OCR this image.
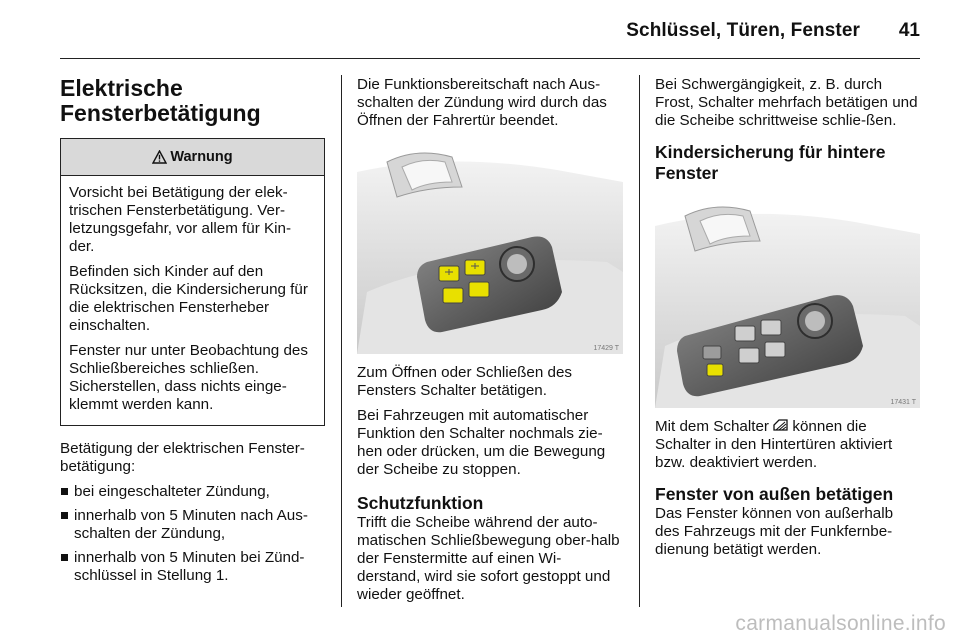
Schlüssel, Türen, Fenster 41
Elektrische Fensterbetätigung
Warnung

Vorsicht bei Betätigung der elek-trischen Fensterbetätigung. Ver-letzungsgefahr, vor allem für Kin-der.

Befinden sich Kinder auf den Rücksitzen, die Kindersicherung für die elektrischen Fensterheber einschalten.

Fenster nur unter Beobachtung des Schließbereiches schließen. Sicherstellen, dass nichts einge-klemmt werden kann.

Betätigung der elektrischen Fenster-betätigung:

bei eingeschalteter Zündung,
innerhalb von 5 Minuten nach Aus-schalten der Zündung,
innerhalb von 5 Minuten bei Zünd-schlüssel in Stellung 1.

Die Funktionsbereitschaft nach Aus-schalten der Zündung wird durch das Öffnen der Fahrertür beendet.

17429 T

Zum Öffnen oder Schließen des Fensters Schalter betätigen.

Bei Fahrzeugen mit automatischer Funktion den Schalter nochmals zie-hen oder drücken, um die Bewegung der Scheibe zu stoppen.

Schutzfunktion

Trifft die Scheibe während der auto-matischen Schließbewegung ober-halb der Fenstermitte auf einen Wi-derstand, wird sie sofort gestoppt und wieder geöffnet.

Bei Schwergängigkeit, z. B. durch Frost, Schalter mehrfach betätigen und die Scheibe schrittweise schlie-ßen.

Kindersicherung für hintere Fenster
17431 T

Mit dem Schalter  können die Schalter in den Hintertüren aktiviert bzw. deaktiviert werden.

Fenster von außen betätigen

Das Fenster können von außerhalb des Fahrzeugs mit der Funkfernbe-dienung betätigt werden.

carmanualsonline.info
